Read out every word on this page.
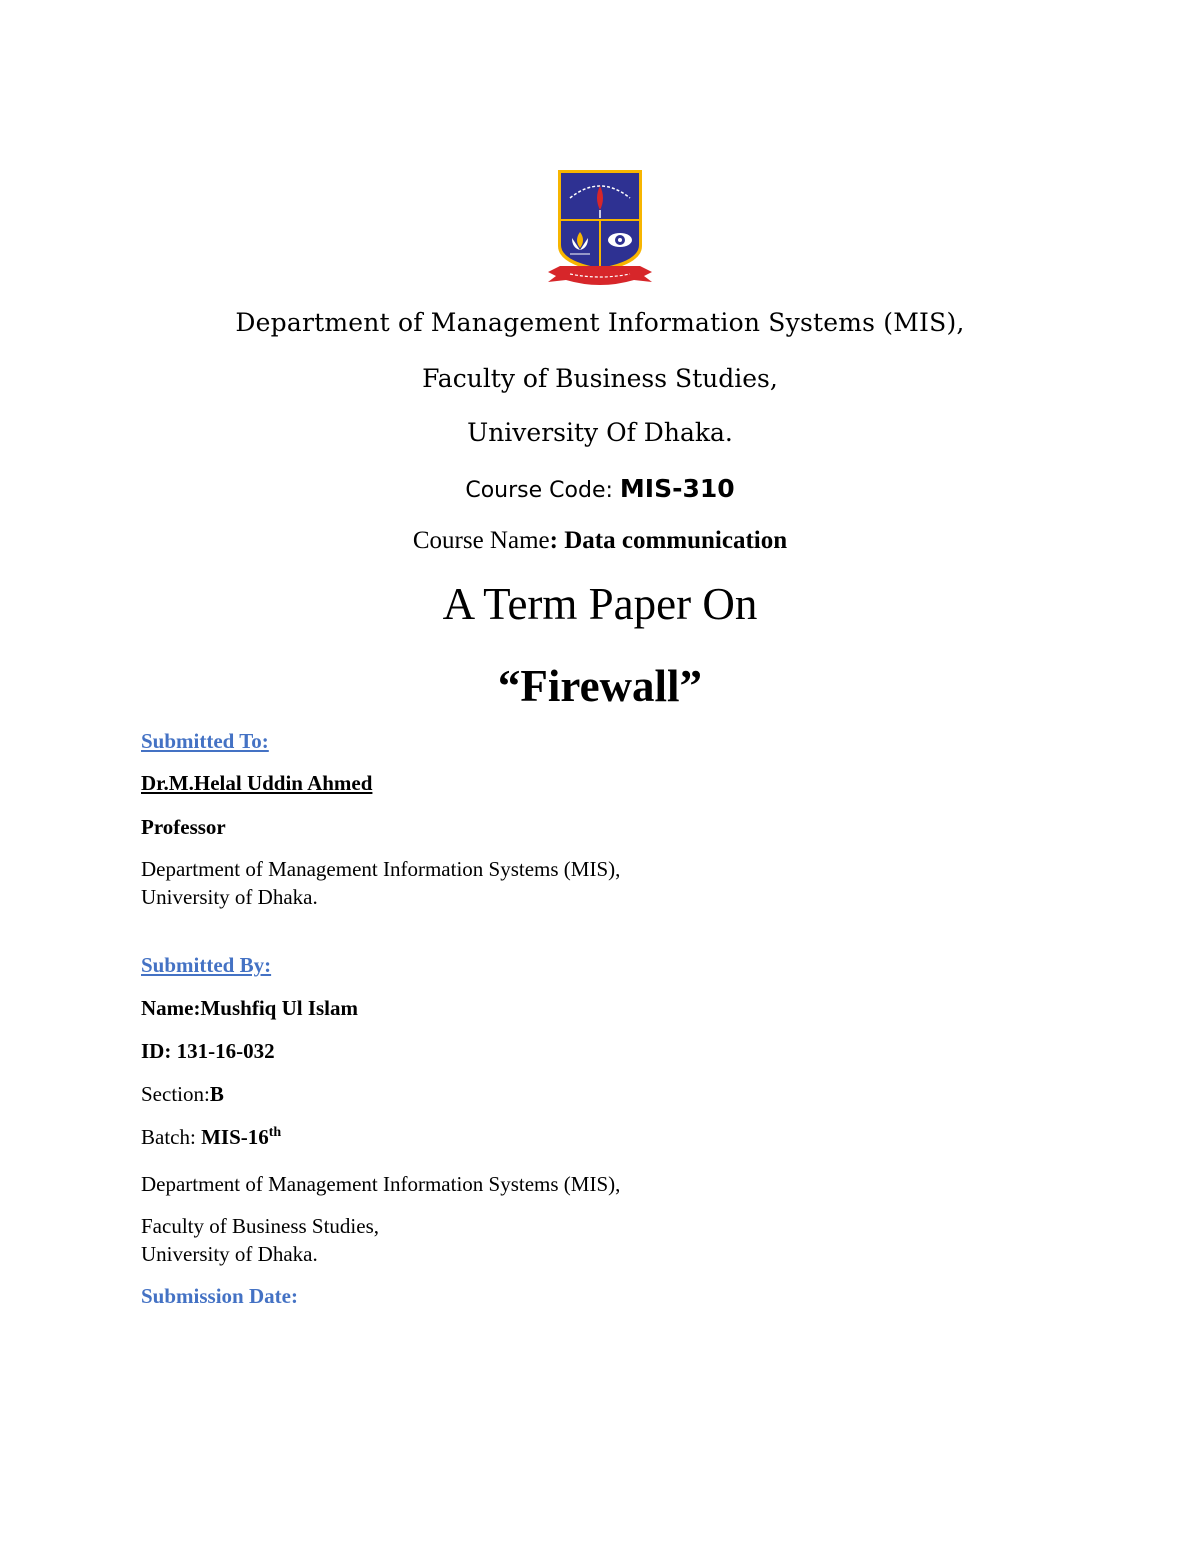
Department of Management Information Systems (MIS),
Faculty of Business Studies,
University Of Dhaka.
Course Code: MIS-310
Course Name: Data communication
A Term Paper On
“Firewall”
Submitted To:
Dr.M.Helal Uddin Ahmed
Professor
Department of Management Information Systems (MIS),
University of Dhaka.
Submitted By:
Name:Mushfiq Ul Islam
ID: 131-16-032
Section:B
Batch: MIS-16th
Department of Management Information Systems (MIS),
Faculty of Business Studies,
University of Dhaka.
Submission Date:
